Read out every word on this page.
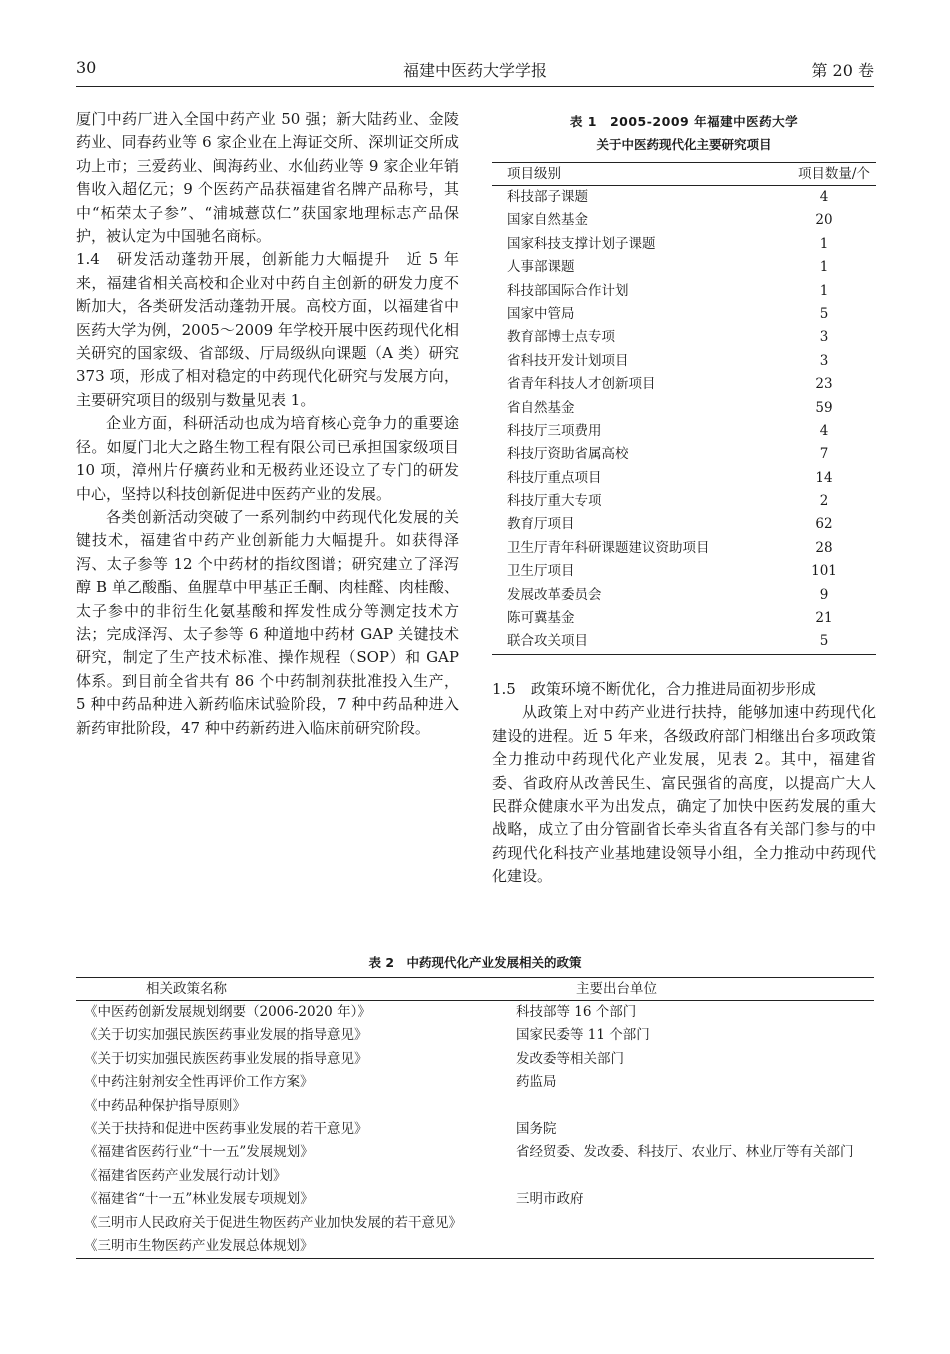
30	福建中医药大学学报	第 20 卷

厦门中药厂进入全国中药产业 50 强；新大陆药业、金陵药业、同春药业等 6 家企业在上海证交所、深圳证交所成功上市；三爱药业、闽海药业、水仙药业等 9 家企业年销售收入超亿元；9 个医药产品获福建省名牌产品称号，其中“柘荣太子参”、“浦城薏苡仁”获国家地理标志产品保护，被认定为中国驰名商标。

1.4　 研发活动蓬勃开展，创新能力大幅提升　 近 5 年来，福建省相关高校和企业对中药自主创新的研发力度不断加大，各类研发活动蓬勃开展。高校方面，以福建省中医药大学为例，2005～2009 年学校开展中医药现代化相关研究的国家级、省部级、厅局级纵向课题（A 类）研究 373 项，形成了相对稳定的中药现代化研究与发展方向，主要研究项目的级别与数量见表 1。

企业方面，科研活动也成为培育核心竞争力的重要途径。如厦门北大之路生物工程有限公司已承担国家级项目 10 项，漳州片仔癀药业和无极药业还设立了专门的研发中心，坚持以科技创新促进中医药产业的发展。

各类创新活动突破了一系列制约中药现代化发展的关键技术，福建省中药产业创新能力大幅提升。如获得泽泻、太子参等 12 个中药材的指纹图谱；研究建立了泽泻醇 B 单乙酸酯、鱼腥草中甲基正壬酮、肉桂醛、肉桂酸、太子参中的非衍生化氨基酸和挥发性成分等测定技术方法；完成泽泻、太子参等 6 种道地中药材 GAP 关键技术研究，制定了生产技术标准、操作规程（SOP）和 GAP 体系。到目前全省共有 86 个中药制剂获批准投入生产，5 种中药品种进入新药临床试验阶段，7 种中药品种进入新药审批阶段，47 种中药新药进入临床前研究阶段。

表 1　2005-2009 年福建中医药大学
关于中医药现代化主要研究项目
项目级别	项目数量/个
科技部子课题	4
国家自然基金	20
国家科技支撑计划子课题	1
人事部课题	1
科技部国际合作计划	1
国家中管局	5
教育部博士点专项	3
省科技开发计划项目	3
省青年科技人才创新项目	23
省自然基金	59
科技厅三项费用	4
科技厅资助省属高校	7
科技厅重点项目	14
科技厅重大专项	2
教育厅项目	62
卫生厅青年科研课题建议资助项目	28
卫生厅项目	101
发展改革委员会	9
陈可冀基金	21
联合攻关项目	5

1.5　 政策环境不断优化，合力推进局面初步形成

从政策上对中药产业进行扶持，能够加速中药现代化建设的进程。近 5 年来，各级政府部门相继出台多项政策全力推动中药现代化产业发展，见表 2。其中，福建省委、省政府从改善民生、富民强省的高度，以提高广大人民群众健康水平为出发点，确定了加快中医药发展的重大战略，成立了由分管副省长牵头省直各有关部门参与的中药现代化科技产业基地建设领导小组，全力推动中药现代化建设。

表 2　中药现代化产业发展相关的政策
相关政策名称	主要出台单位
《中医药创新发展规划纲要（2006-2020 年）》	科技部等 16 个部门
《关于切实加强民族医药事业发展的指导意见》	国家民委等 11 个部门
《关于切实加强民族医药事业发展的指导意见》	发改委等相关部门
《中药注射剂安全性再评价工作方案》	药监局
《中药品种保护指导原则》
《关于扶持和促进中医药事业发展的若干意见》	国务院
《福建省医药行业“十一五”发展规划》	省经贸委、发改委、科技厅、农业厅、林业厅等有关部门
《福建省医药产业发展行动计划》
《福建省“十一五”林业发展专项规划》	三明市政府
《三明市人民政府关于促进生物医药产业加快发展的若干意见》
《三明市生物医药产业发展总体规划》
